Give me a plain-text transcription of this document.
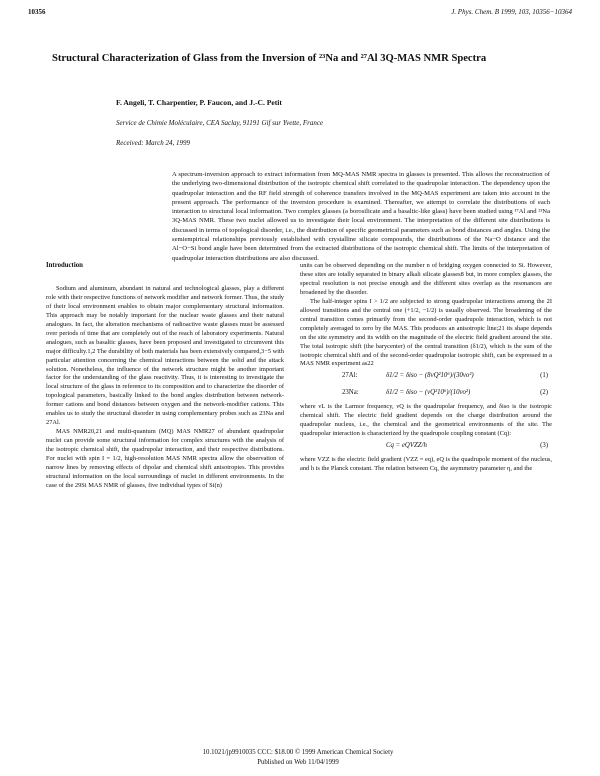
10356	J. Phys. Chem. B 1999, 103, 10356−10364
Structural Characterization of Glass from the Inversion of ²³Na and ²⁷Al 3Q-MAS NMR Spectra
F. Angeli, T. Charpentier, P. Faucon, and J.-C. Petit
Service de Chimie Moléculaire, CEA Saclay, 91191 Gif sur Yvette, France
Received: March 24, 1999
A spectrum-inversion approach to extract information from MQ-MAS NMR spectra in glasses is presented. This allows the reconstruction of the underlying two-dimensional distribution of the isotropic chemical shift correlated to the quadrupolar interaction. The dependency upon the quadrupolar interaction and the RF field strength of coherence transfers involved in the MQ-MAS experiment are taken into account in the present approach. The performance of the inversion procedure is examined. Thereafter, we attempt to correlate the distributions of each interaction to structural local information. Two complex glasses (a borosilicate and a basaltic-like glass) have been studied using ¹⁷Al and ²³Na 3Q-MAS NMR. These two nuclei allowed us to investigate their local environment. The interpretation of the different site distributions is discussed in terms of topological disorder, i.e., the distribution of specific geometrical parameters such as bond distances and angles. Using the semiempirical relationships previously established with crystalline silicate compounds, the distributions of the Na−O distance and the Al−O−Si bond angle have been determined from the extracted distributions of the isotropic chemical shift. The limits of the interpretation of quadrupolar interaction distributions are also discussed.
Introduction

Sodium and aluminum, abundant in natural and technological glasses, play a different role with their respective functions of network modifier and network former. Thus, the study of their local environment enables to obtain major complementary structural information. This approach may be notably important for the nuclear waste glasses and their natural analogues. In fact, the alteration mechanisms of radioactive waste glasses must be assessed over periods of time that are completely out of the reach of laboratory experiments. Natural analogues, such as basaltic glasses, have been proposed and investigated to circumvent this major difficulty.1,2 The durability of both materials has been extensively compared,3−5 with particular attention concerning the chemical interactions between the solid and the attack solution. Nonetheless, the influence of the network structure might be another important factor for the understanding of the glass reactivity. Thus, it is interesting to investigate the local structure of the glass in reference to its composition and to characterize the disorder of topological parameters, basically linked to the bond angles distribution between network-former cations and bond distances between oxygen and the network-modifier cations. This enables us to study the structural disorder in using complementary probes such as 23Na and 27Al.

MAS NMR20,21 and multi-quantum (MQ) MAS NMR27 of abundant quadrupolar nuclei can provide some structural information for complex structures with the analysis of the isotropic chemical shift, the quadrupolar interaction, and their respective distributions. For nuclei with spin I = 1/2, high-resolution MAS NMR spectra allow the observation of narrow lines by removing effects of dipolar and chemical shift anisotropies. This provides structural information on the local surroundings of nuclei in different environments. In the case of the 29Si MAS NMR of glasses, five individual types of Si(n)

units can be observed depending on the number n of bridging oxygen connected to Si. However, these sites are totally separated in binary alkali silicate glasses8 but, in more complex glasses, the spectral resolution is not precise enough and the different sites overlap as the resonances are broadened by the disorder.

The half-integer spins I > 1/2 are subjected to strong quadrupolar interactions among the 2I allowed transitions and the central one (+1/2, −1/2) is usually observed. The broadening of the central transition comes primarily from the second-order quadrupole interaction, which is not completely averaged to zero by the MAS. This produces an anisotropic line;21 its shape depends on the site symmetry and its width on the magnitude of the electric field gradient around the site. The total isotropic shift (the barycenter) of the central transition (δ1/2), which is the sum of the isotropic chemical shift and of the second-order quadrupolar isotropic shift, can be expressed in a MAS NMR experiment as22

27Al:	δ1/2 = δiso − (8νQ²10⁶)/(30νo²)	(1)
23Na:	δ1/2 = δiso − (νQ²10⁶)/(10νo²)	(2)

where νL is the Larmor frequency, νQ is the quadrupolar frequency, and δiso is the isotropic chemical shift. The electric field gradient depends on the charge distribution around the quadrupolar nucleus, i.e., the chemical and the geometrical environments of the site. The quadrupolar interaction is characterized by the quadrupole coupling constant (Cq):

Cq = eQVZZ/h	(3)

where VZZ is the electric field gradient (VZZ = eq), eQ is the quadrupole moment of the nucleus, and h is the Planck constant. The relation between Cq, the asymmetry parameter η, and the

10.1021/jp9910035 CCC: $18.00 © 1999 American Chemical Society
Published on Web 11/04/1999
